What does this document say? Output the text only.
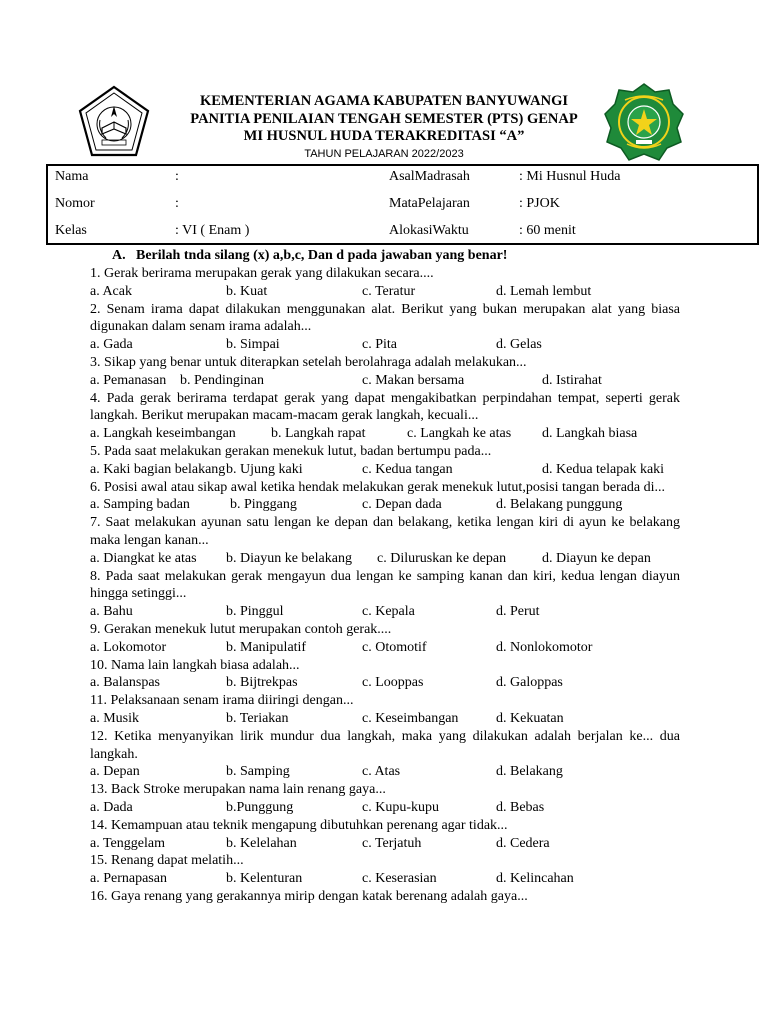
KEMENTERIAN AGAMA KABUPATEN BANYUWANGI
PANITIA PENILAIAN TENGAH SEMESTER (PTS) GENAP
MI HUSNUL HUDA TERAKREDITASI “A”
TAHUN PELAJARAN 2022/2023
Nama	:	AsalMadrasah	: Mi Husnul Huda
Nomor	:	MataPelajaran	: PJOK
Kelas	: VI ( Enam )	AlokasiWaktu	: 60 menit
A. Berilah tnda silang (x) a,b,c, Dan d pada jawaban yang benar!
1. Gerak berirama merupakan gerak yang dilakukan secara....
a. Acak	b. Kuat	c. Teratur	d. Lemah lembut
2. Senam irama dapat dilakukan menggunakan alat. Berikut yang bukan merupakan alat yang biasa digunakan dalam senam irama adalah...
a. Gada	b. Simpai	c. Pita	d. Gelas
3. Sikap yang benar untuk diterapkan setelah berolahraga adalah melakukan...
a. Pemanasan b. Pendinginan	c. Makan bersama	d. Istirahat
4. Pada gerak berirama terdapat gerak yang dapat mengakibatkan perpindahan tempat, seperti gerak langkah. Berikut merupakan macam-macam gerak langkah, kecuali...
a. Langkah keseimbangan	b. Langkah rapat	c. Langkah ke atas d. Langkah biasa
5. Pada saat melakukan gerakan menekuk lutut, badan bertumpu pada...
a. Kaki bagian belakang b. Ujung kaki	c. Kedua tangan	d. Kedua telapak kaki
6. Posisi awal atau sikap awal ketika hendak melakukan gerak menekuk lutut,posisi tangan berada di...
a. Samping badan	b. Pinggang	c. Depan dada	d. Belakang punggung
7. Saat melakukan ayunan satu lengan ke depan dan belakang, ketika lengan kiri di ayun ke belakang maka lengan kanan...
a. Diangkat ke atas b. Diayun ke belakang c. Diluruskan ke depan	d. Diayun ke depan
8. Pada saat melakukan gerak mengayun dua lengan ke samping kanan dan kiri, kedua lengan diayun hingga setinggi...
a. Bahu	b. Pinggul	c. Kepala	d. Perut
9. Gerakan menekuk lutut merupakan contoh gerak....
a. Lokomotor	b. Manipulatif	c. Otomotif	d. Nonlokomotor
10. Nama lain langkah biasa adalah...
a. Balanspas	b. Bijtrekpas	c. Looppas	d. Galoppas
11. Pelaksanaan senam irama diiringi dengan...
a. Musik	b. Teriakan	c. Keseimbangan	d. Kekuatan
12. Ketika menyanyikan lirik mundur dua langkah, maka yang dilakukan adalah berjalan ke... dua langkah.
a. Depan	b. Samping	c. Atas	d. Belakang
13. Back Stroke merupakan nama lain renang gaya...
a. Dada	b.Punggung	c. Kupu-kupu	d. Bebas
14. Kemampuan atau teknik mengapung dibutuhkan perenang agar tidak...
a. Tenggelam	b. Kelelahan	c. Terjatuh	d. Cedera
15. Renang dapat melatih...
a. Pernapasan	b. Kelenturan	c. Keserasian	d. Kelincahan
16. Gaya renang yang gerakannya mirip dengan katak berenang adalah gaya...
